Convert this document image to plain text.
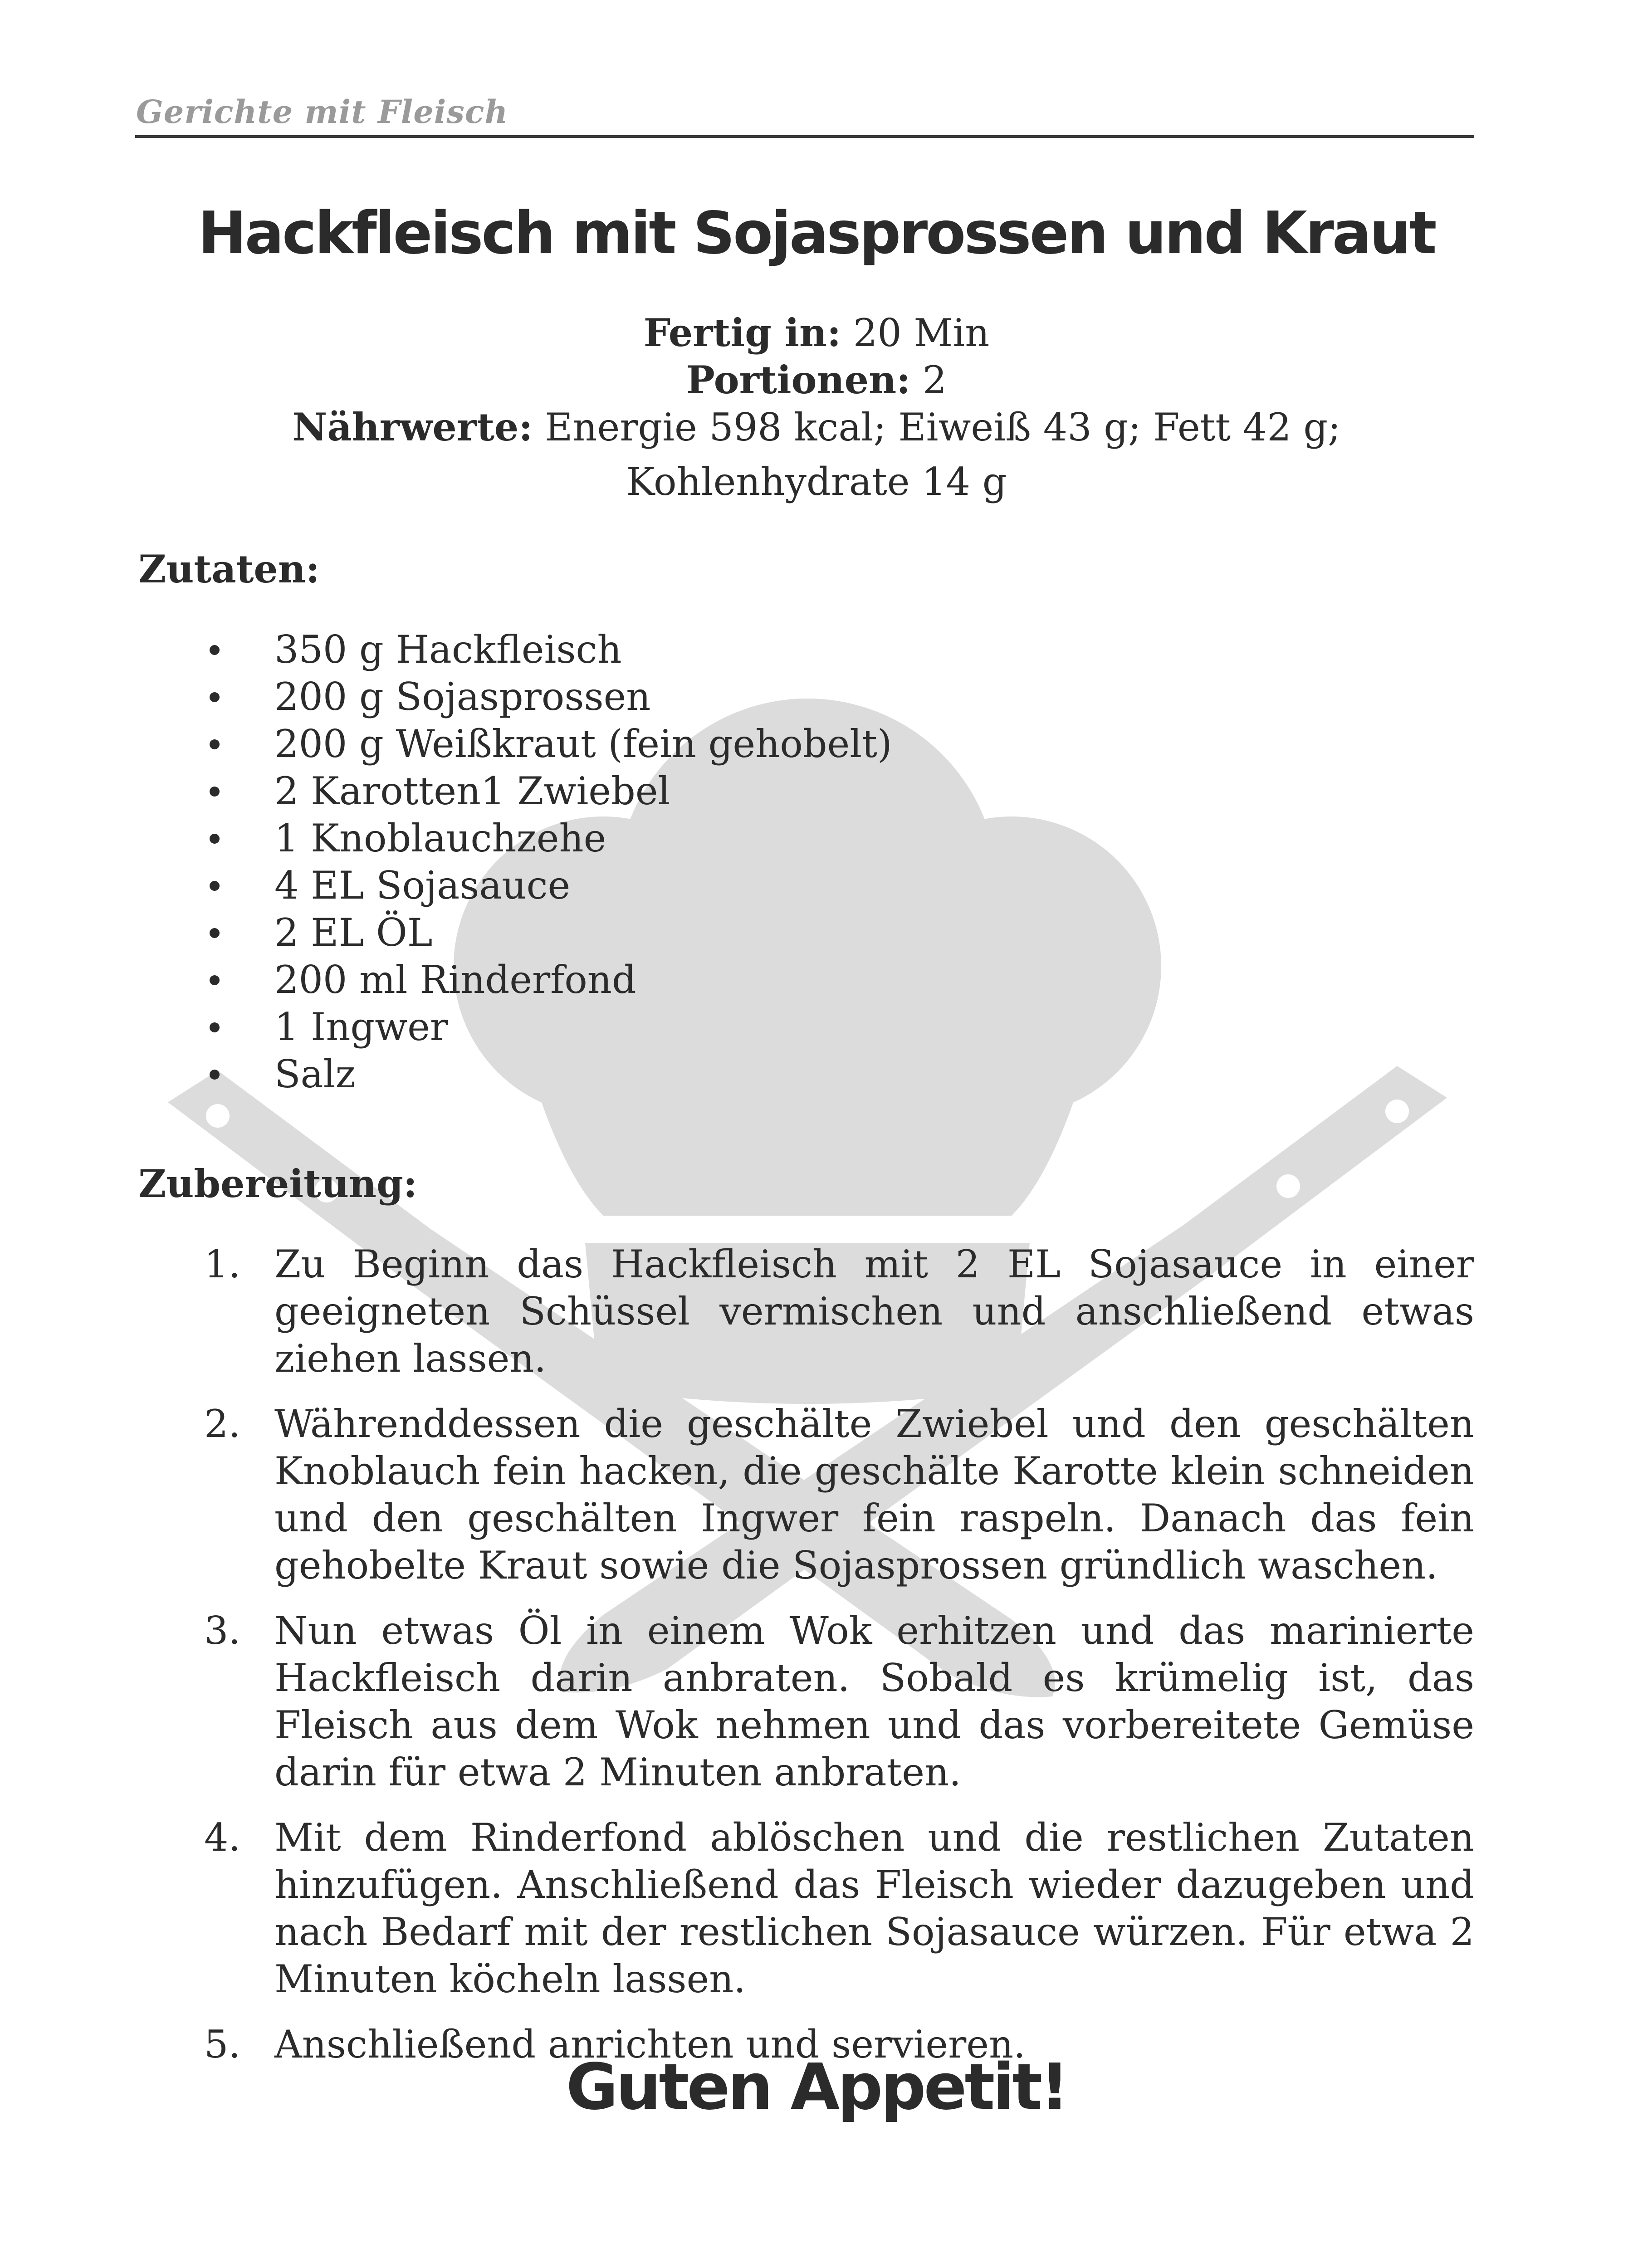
Gerichte mit Fleisch
Hackfleisch mit Sojasprossen und Kraut
Fertig in: 20 Min
Portionen: 2
Nährwerte: Energie 598 kcal; Eiweiß 43 g; Fett 42 g;
Kohlenhydrate 14 g
Zutaten:
350 g Hackfleisch
200 g Sojasprossen
200 g Weißkraut (fein gehobelt)
2 Karotten1 Zwiebel
1 Knoblauchzehe
4 EL Sojasauce
2 EL ÖL
200 ml Rinderfond
1 Ingwer
Salz
Zubereitung:
1. Zu Beginn das Hackfleisch mit 2 EL Sojasauce in einer geeigneten Schüssel vermischen und anschließend etwas ziehen lassen.
2. Währenddessen die geschälte Zwiebel und den geschälten Knoblauch fein hacken, die geschälte Karotte klein schneiden und den geschälten Ingwer fein raspeln. Danach das fein gehobelte Kraut sowie die Sojasprossen gründlich waschen.
3. Nun etwas Öl in einem Wok erhitzen und das marinierte Hackfleisch darin anbraten. Sobald es krümelig ist, das Fleisch aus dem Wok nehmen und das vorbereitete Gemüse darin für etwa 2 Minuten anbraten.
4. Mit dem Rinderfond ablöschen und die restlichen Zutaten hinzufügen. Anschließend das Fleisch wieder dazugeben und nach Bedarf mit der restlichen Sojasauce würzen. Für etwa 2 Minuten köcheln lassen.
5. Anschließend anrichten und servieren.
Guten Appetit!
